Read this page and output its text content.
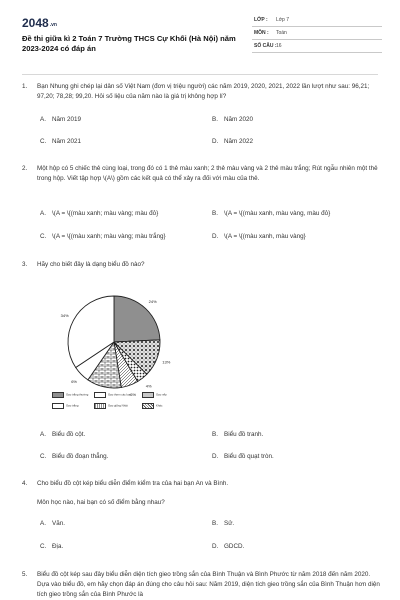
2048.vn
Đề thi giữa kì 2 Toán 7 Trường THCS Cự Khối (Hà Nội) năm 2023-2024 có đáp án
LỚP : Lớp 7
MÔN : Toán
SỐ CÂU : 16
1. Bạn Nhung ghi chép lại dân số Việt Nam (đơn vị triệu người) các năm 2019, 2020, 2021, 2022 lần lượt như sau: 96,21; 97,20; 78,28; 99,20. Hỏi số liệu của năm nào là giá trị không hợp lí?
A. Năm 2019	B. Năm 2020
C. Năm 2021	D. Năm 2022
2. Một hộp có 5 chiếc thẻ cùng loại, trong đó có 1 thẻ màu xanh; 2 thẻ màu vàng và 2 thẻ màu trắng; Rút ngẫu nhiên một thẻ trong hộp. Viết tập hợp \(A\) gồm các kết quả có thể xảy ra đối với màu của thẻ.
A. \(A = \{(màu xanh; màu vàng; màu đỏ}	B. \(A = \{(màu xanh, màu vàng, màu đỏ}
C. \(A = \{(màu xanh; màu vàng; màu trắng}	D. \(A = \{(màu xanh, màu vàng}
3. Hãy cho biết đây là dạng biểu đồ nào?
24%
13%
4%
6%
6%
34%
Gạo trắng thường	Gạo thơm các loại	Gạo nếp
Gạo trắng	Gạo giống Nhật	Khác
A. Biểu đồ cột.	B. Biểu đồ tranh.
C. Biểu đồ đoạn thẳng.	D. Biểu đồ quạt tròn.
4. Cho biểu đồ cột kép biểu diễn điểm kiểm tra của hai bạn An và Bình.
Môn học nào, hai bạn có số điểm bằng nhau?
A. Văn.	B. Sử.
C. Địa.	D. GDCD.
5. Biểu đồ cột kép sau đây biểu diễn diện tích gieo trồng sắn của Bình Thuận và Bình Phước từ năm 2018 đến năm 2020. Dựa vào biểu đồ, em hãy chọn đáp án đúng cho câu hỏi sau: Năm 2019, diện tích gieo trồng sắn của Bình Thuận hơn diện tích gieo trồng sắn của Bình Phước là
